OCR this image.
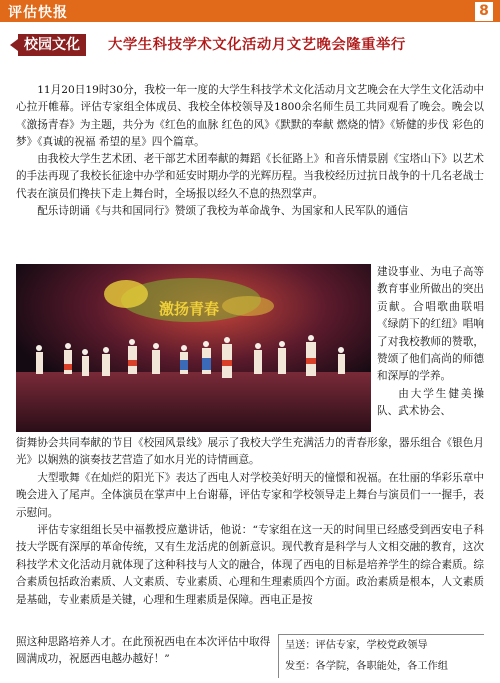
评估快报	8
校园文化	大学生科技学术文化活动月文艺晚会隆重举行

11月20日19时30分，我校一年一度的大学生科技学术文化活动月文艺晚会在大学生文化活动中心拉开帷幕。评估专家组全体成员、我校全体校领导及1800余名师生员工共同观看了晚会。晚会以《激扬青春》为主题，共分为《红色的血脉 红色的风》《默默的奉献 燃烧的情》《矫健的步伐 彩色的梦》《真诚的祝福 希望的星》四个篇章。

由我校大学生艺术团、老干部艺术团奉献的舞蹈《长征路上》和音乐情景剧《宝塔山下》以艺术的手法再现了我校长征途中办学和延安时期办学的光辉历程。当我校经历过抗日战争的十几名老战士代表在演员们搀扶下走上舞台时，全场报以经久不息的热烈掌声。

配乐诗朗诵《与共和国同行》赞颂了我校为革命战争、为国家和人民军队的通信

激扬青春

建设事业、为电子高等教育事业所做出的突出贡献。合唱歌曲联唱《绿荫下的红纽》唱响了对我校教师的赞歌，赞颂了他们高尚的师德和深厚的学养。

由大学生健美操队、武术协会、

街舞协会共同奉献的节目《校园风景线》展示了我校大学生充满活力的青春形象，器乐组合《银色月光》以娴熟的演奏技艺营造了如水月光的诗情画意。

大型歌舞《在灿烂的阳光下》表达了西电人对学校美好明天的憧憬和祝福。在壮丽的华彩乐章中晚会进入了尾声。全体演员在掌声中上台谢幕，评估专家和学校领导走上舞台与演员们一一握手，表示慰问。

评估专家组组长吴中福教授应邀讲话，他说：“专家组在这一天的时间里已经感受到西安电子科技大学既有深厚的革命传统，又有生龙活虎的创新意识。现代教育是科学与人文相交融的教育，这次科技学术文化活动月就体现了这种科技与人文的融合，体现了西电的目标是培养学生的综合素质。综合素质包括政治素质、人文素质、专业素质、心理和生理素质四个方面。政治素质是根本，人文素质是基础，专业素质是关键，心理和生理素质是保障。西电正是按

照这种思路培养人才。在此预祝西电在本次评估中取得圆满成功，祝愿西电越办越好！”

呈送：评估专家，学校党政领导
发至：各学院，各职能处，各工作组
